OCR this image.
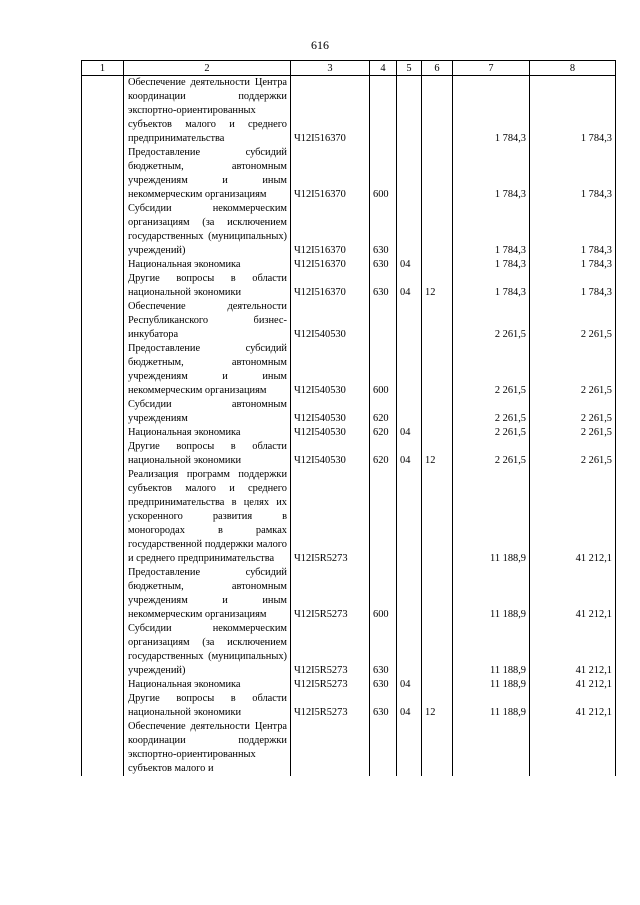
616
1	2	3	4	5	6	7	8
	Обеспечение деятельности Центра координации поддержки экспортно-ориентированных субъектов малого и среднего предпринимательства	Ч12I516370				1 784,3	1 784,3
	Предоставление субсидий бюджетным, автономным учреждениям и иным некоммерческим организациям	Ч12I516370	600			1 784,3	1 784,3
	Субсидии некоммерческим организациям (за исключением государственных (муниципальных) учреждений)	Ч12I516370	630			1 784,3	1 784,3
	Национальная экономика	Ч12I516370	630	04		1 784,3	1 784,3
	Другие вопросы в области национальной экономики	Ч12I516370	630	04	12	1 784,3	1 784,3
	Обеспечение деятельности Республиканского бизнес-инкубатора	Ч12I540530				2 261,5	2 261,5
	Предоставление субсидий бюджетным, автономным учреждениям и иным некоммерческим организациям	Ч12I540530	600			2 261,5	2 261,5
	Субсидии автономным учреждениям	Ч12I540530	620			2 261,5	2 261,5
	Национальная экономика	Ч12I540530	620	04		2 261,5	2 261,5
	Другие вопросы в области национальной экономики	Ч12I540530	620	04	12	2 261,5	2 261,5
	Реализация программ поддержки субъектов малого и среднего предпринимательства в целях их ускоренного развития в моногородах в рамках государственной поддержки малого и среднего предпринимательства	Ч12I5R5273				11 188,9	41 212,1
	Предоставление субсидий бюджетным, автономным учреждениям и иным некоммерческим организациям	Ч12I5R5273	600			11 188,9	41 212,1
	Субсидии некоммерческим организациям (за исключением государственных (муниципальных) учреждений)	Ч12I5R5273	630			11 188,9	41 212,1
	Национальная экономика	Ч12I5R5273	630	04		11 188,9	41 212,1
	Другие вопросы в области национальной экономики	Ч12I5R5273	630	04	12	11 188,9	41 212,1
	Обеспечение деятельности Центра координации поддержки экспортно-ориентированных субъектов малого и						
